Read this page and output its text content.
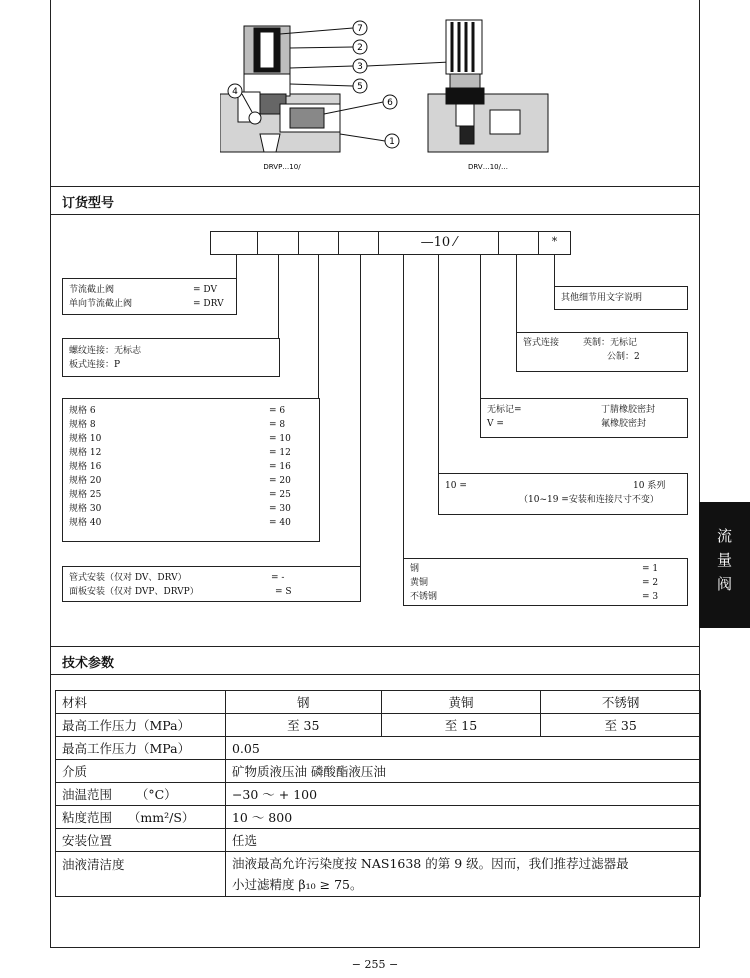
7
2
3
5
4
6
1
DRVP…10/	DRV…10/…
订货型号
—10 ⁄	*
节流截止阀	= DV
单向节流截止阀	= DRV
螺纹连接：无标志
板式连接：P
规格 6	= 6
规格 8	= 8
规格 10	= 10
规格 12	= 12
规格 16	= 16
规格 20	= 20
规格 25	= 25
规格 30	= 30
规格 40	= 40
管式安装（仅对 DV、DRV）	= -
面板安装（仅对 DVP、DRVP）	= S
钢	= 1
黄铜	= 2
不锈钢	= 3
10 =	10 系列
（10~19 =安装和连接尺寸不变）
无标记=	丁腈橡胶密封
V =	氟橡胶密封
管式连接	英制：无标记
公制：2
其他细节用文字说明
技术参数
材料	钢	黄铜	不锈钢
最高工作压力（MPa）	至 35	至 15	至 35
最高工作压力（MPa）	0.05		
介质	矿物质液压油 磷酸酯液压油		
油温范围      （°C）	−30 ～ + 100		
粘度范围    （mm²/S）	10 ～ 800		
安装位置	任选		
油液清洁度	油液最高允许污染度按 NAS1638 的第 9 级。因而，我们推荐过滤器最
小过滤精度 β₁₀ ≥ 75。		
流
量
阀
− 255 −
